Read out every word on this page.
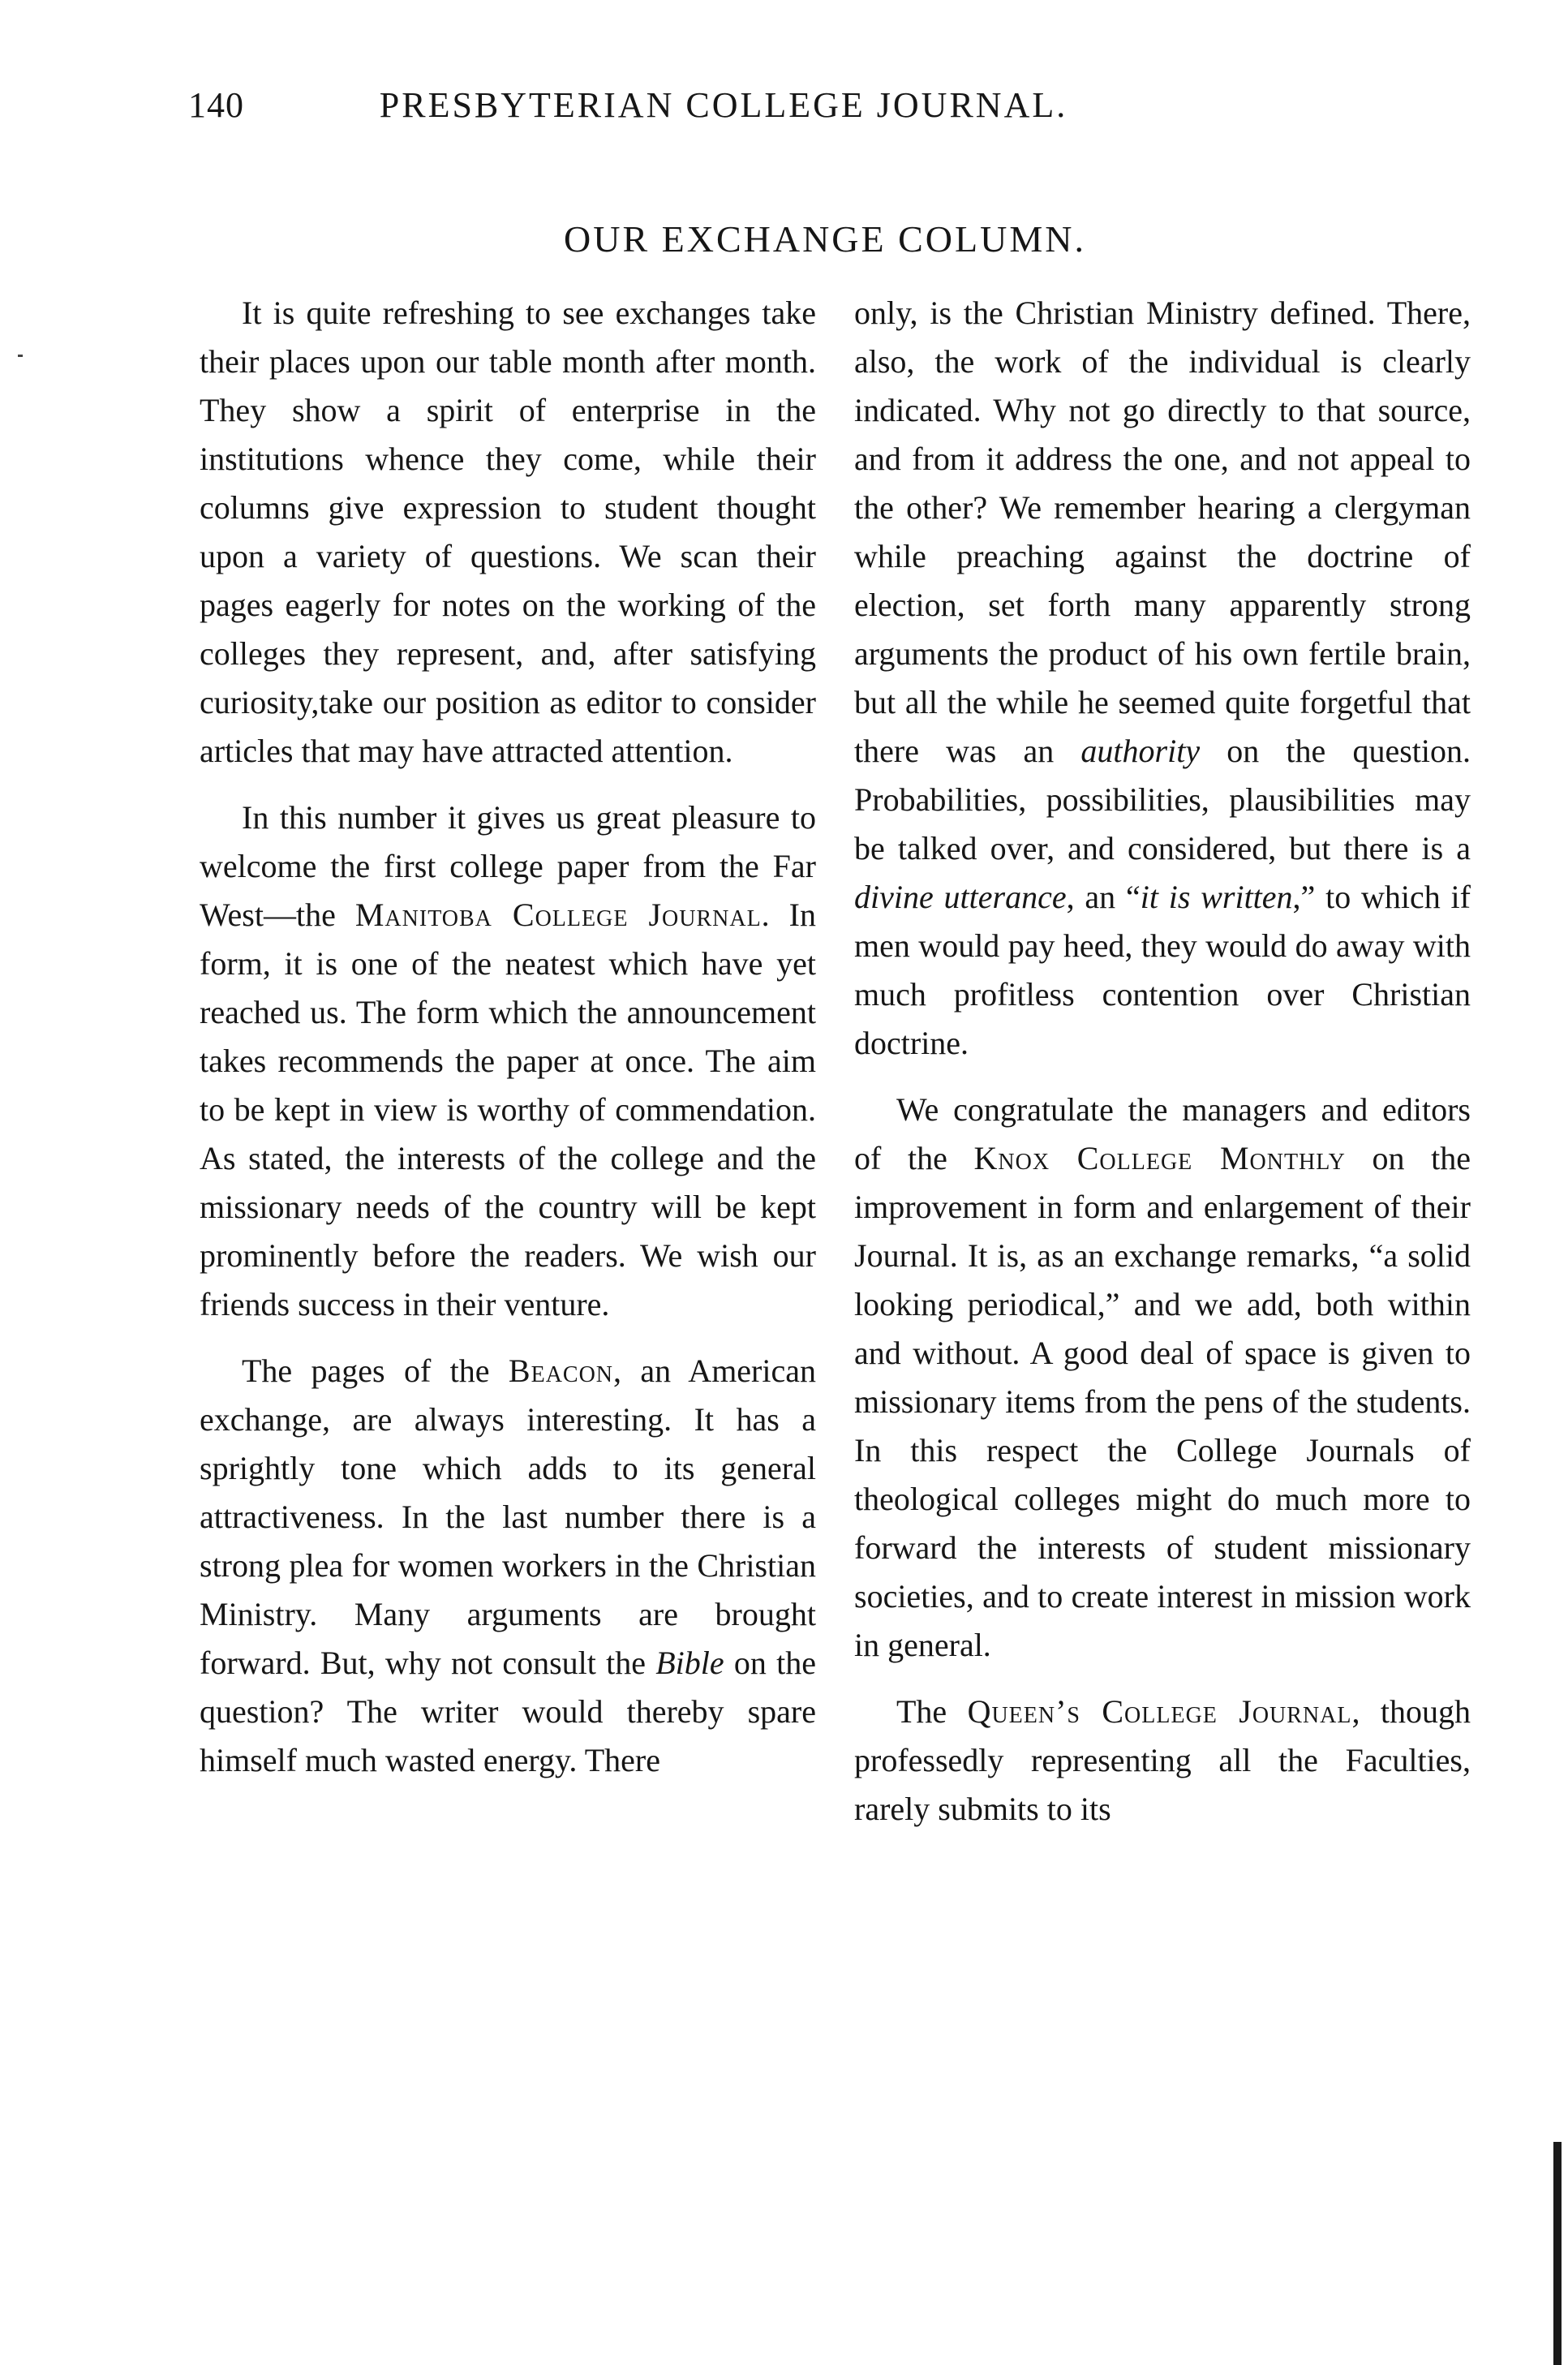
140	PRESBYTERIAN COLLEGE JOURNAL.
OUR EXCHANGE COLUMN.

It is quite refreshing to see exchanges take their places upon our table month after month. They show a spirit of enterprise in the institutions whence they come, while their columns give expression to student thought upon a variety of questions. We scan their pages eagerly for notes on the working of the colleges they represent, and, after satisfying curiosity,take our position as editor to consider articles that may have attracted attention.

In this number it gives us great pleasure to welcome the first college paper from the Far West—the Manitoba College Journal. In form, it is one of the neatest which have yet reached us. The form which the announcement takes recommends the paper at once. The aim to be kept in view is worthy of commendation. As stated, the interests of the college and the missionary needs of the country will be kept prominently before the readers. We wish our friends success in their venture.

The pages of the Beacon, an American exchange, are always interesting. It has a sprightly tone which adds to its general attractiveness. In the last number there is a strong plea for women workers in the Christian Ministry. Many arguments are brought forward. But, why not consult the Bible on the question? The writer would thereby spare himself much wasted energy. There

only, is the Christian Ministry defined. There, also, the work of the individual is clearly indicated. Why not go directly to that source, and from it address the one, and not appeal to the other? We remember hearing a clergyman while preaching against the doctrine of election, set forth many apparently strong arguments the product of his own fertile brain, but all the while he seemed quite forgetful that there was an authority on the question. Probabilities, possibilities, plausibilities may be talked over, and considered, but there is a divine utterance, an “it is written,” to which if men would pay heed, they would do away with much profitless contention over Christian doctrine.

We congratulate the managers and editors of the Knox College Monthly on the improvement in form and enlargement of their Journal. It is, as an exchange remarks, “a solid looking periodical,” and we add, both within and without. A good deal of space is given to missionary items from the pens of the students. In this respect the College Journals of theological colleges might do much more to forward the interests of student missionary societies, and to create interest in mission work in general.

The Queen’s College Journal, though professedly representing all the Faculties, rarely submits to its
